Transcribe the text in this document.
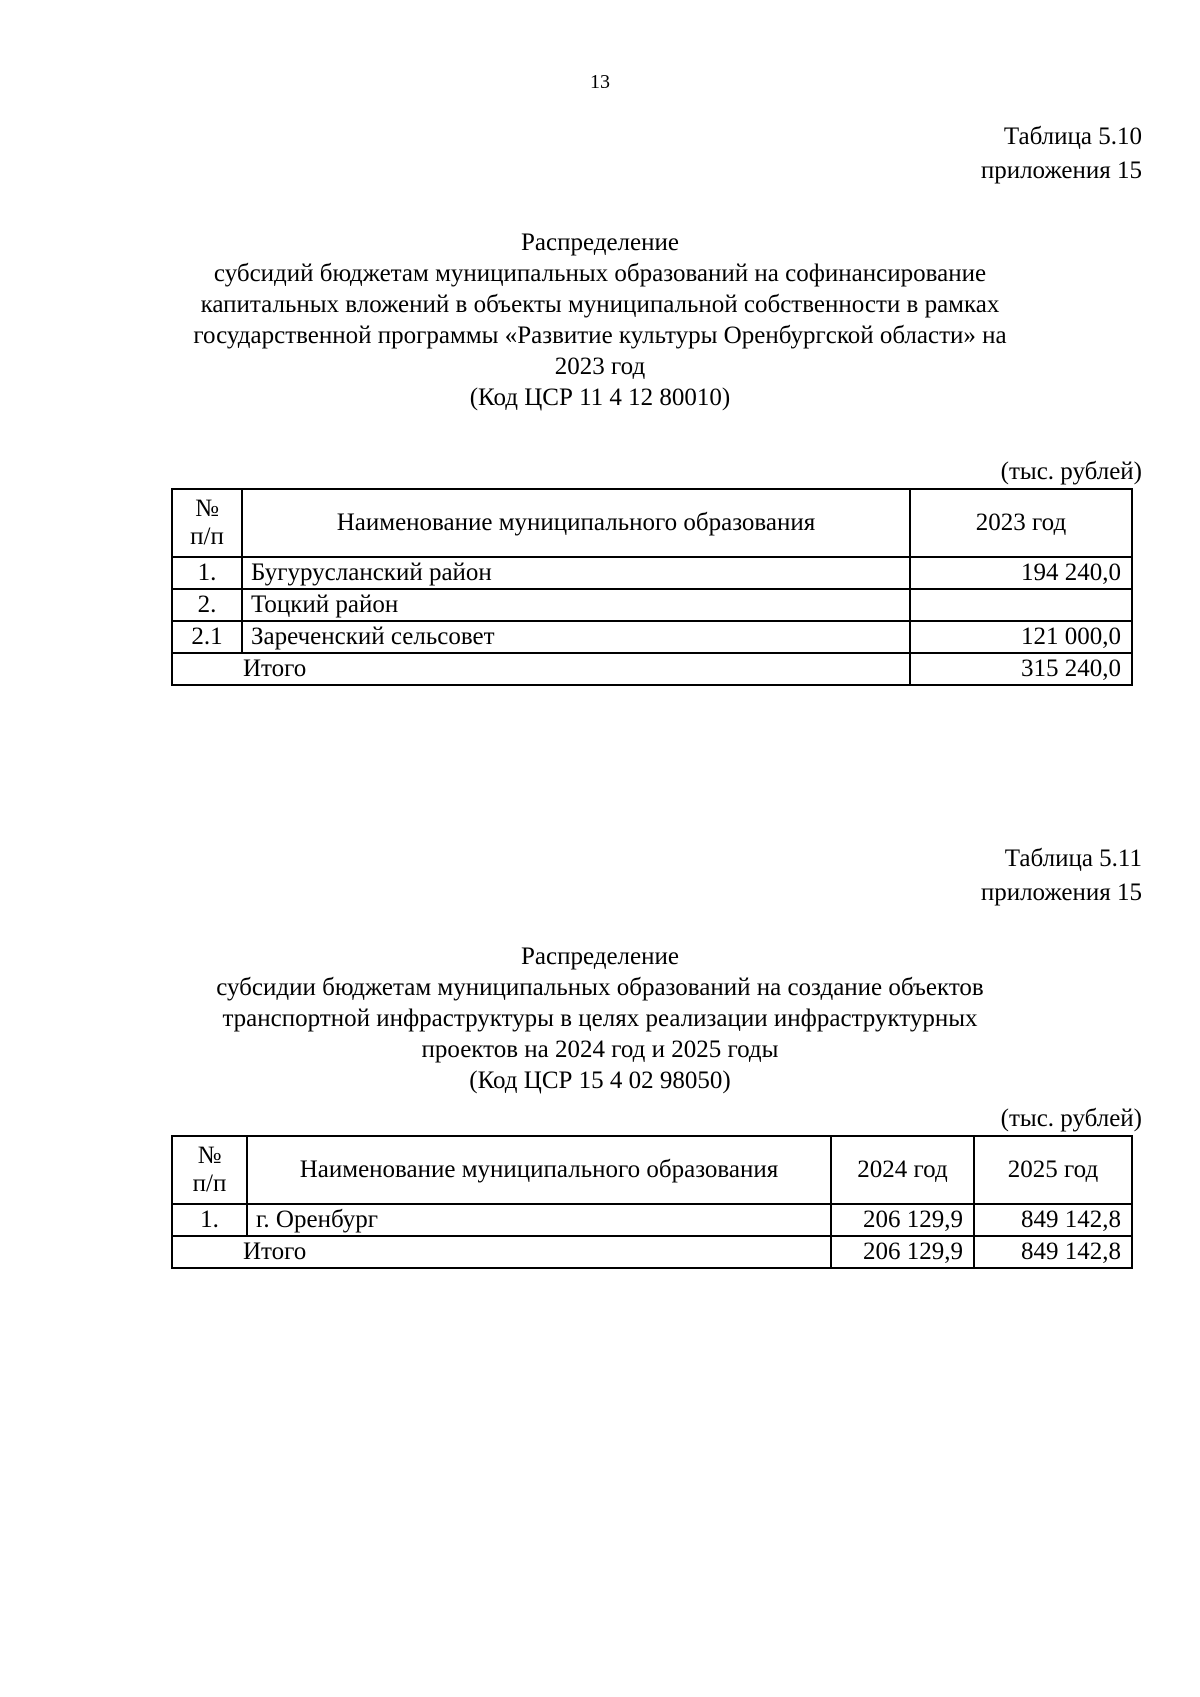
13
Таблица 5.10
приложения 15
Распределение
субсидий бюджетам муниципальных образований на софинансирование
капитальных вложений в объекты муниципальной собственности в рамках
государственной программы «Развитие культуры Оренбургской области» на
2023 год
(Код ЦСР 11 4 12 80010)
(тыс. рублей)
№
п/п	Наименование муниципального образования	2023 год
1.	Бугурусланский район	194 240,0
2.	Тоцкий район	
2.1	Зареченский сельсовет	121 000,0
Итого		315 240,0
Таблица 5.11
приложения 15
Распределение
субсидии бюджетам муниципальных образований на создание объектов
транспортной инфраструктуры в целях реализации инфраструктурных
проектов на 2024 год и 2025 годы
(Код ЦСР 15 4 02 98050)
(тыс. рублей)
№
п/п	Наименование муниципального образования	2024 год	2025 год
1.	г. Оренбург	206 129,9	849 142,8
Итого		206 129,9	849 142,8
